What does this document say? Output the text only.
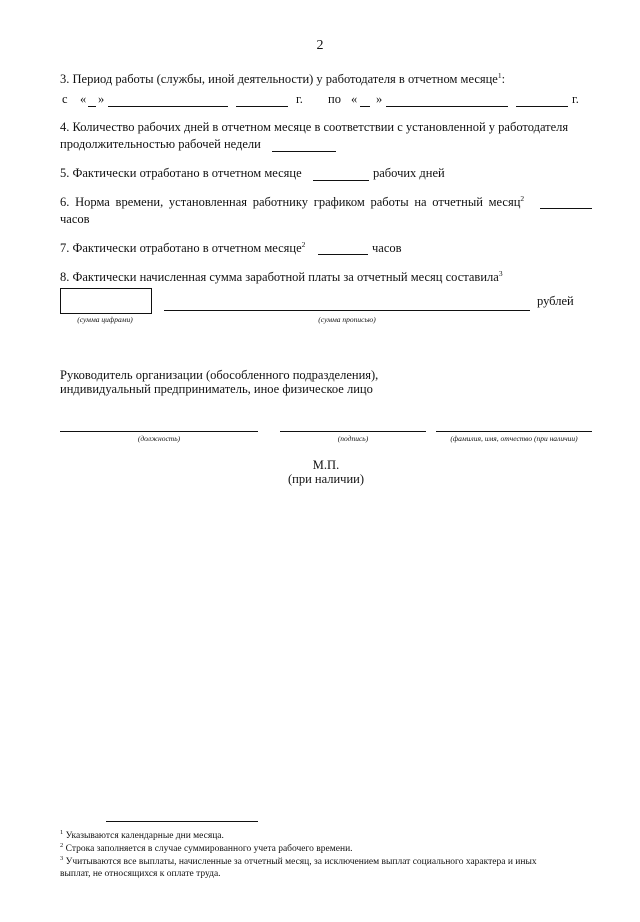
2
3. Период работы (службы, иной деятельности) у работодателя в отчетном месяце$^1$:
с « »	г. по « »	г.
4. Количество рабочих дней в отчетном месяце в соответствии с установленной у работодателя
продолжительностью рабочей недели
5. Фактически отработано в отчетном месяце	рабочих дней
6. Норма времени, установленная работнику графиком работы на отчетный месяц$^2$
часов
7. Фактически отработано в отчетном месяце$^2$	часов
8. Фактически начисленная сумма заработной платы за отчетный месяц составила$^3$
рублей
(сумма цифрами)	(сумма прописью)
Руководитель организации (обособленного подразделения),
индивидуальный предприниматель, иное физическое лицо
(должность)	(подпись)	(фамилия, имя, отчество (при наличии)
М.П.
(при наличии)
$^1$ Указываются календарные дни месяца.
$^2$ Строка заполняется в случае суммированного учета рабочего времени.
$^3$ Учитываются все выплаты, начисленные за отчетный месяц, за исключением выплат социального характера и иных
выплат, не относящихся к оплате труда.
